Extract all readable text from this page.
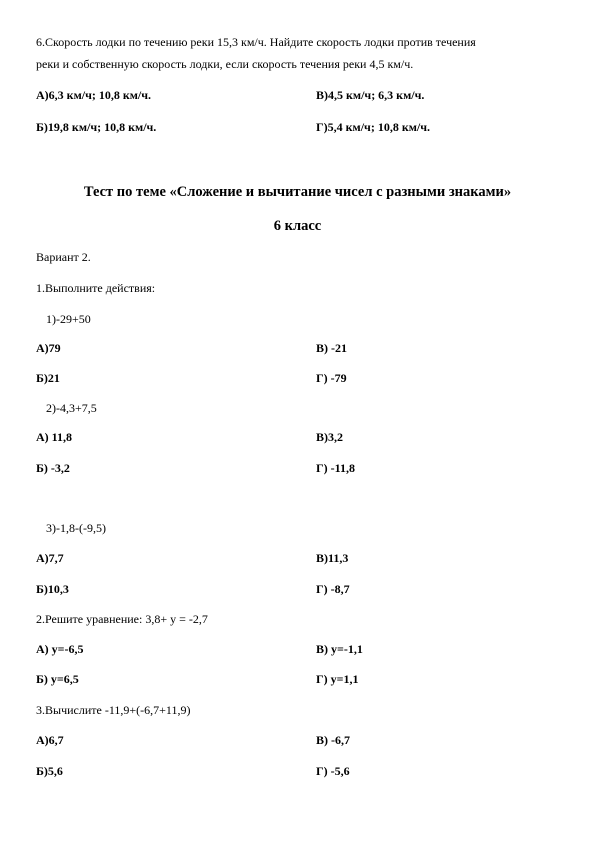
6.Скорость лодки по течению реки 15,3 км/ч. Найдите скорость лодки против течения
реки и собственную скорость лодки, если скорость течения реки 4,5 км/ч.
А)6,3 км/ч; 10,8 км/ч.	В)4,5 км/ч; 6,3 км/ч.
Б)19,8 км/ч; 10,8 км/ч.	Г)5,4 км/ч; 10,8 км/ч.
Тест по теме «Сложение и вычитание чисел с разными знаками»
6 класс
Вариант 2.
1.Выполните действия:
1)-29+50
А)79	В) -21
Б)21	Г) -79
2)-4,3+7,5
А) 11,8	В)3,2
Б) -3,2	Г) -11,8
3)-1,8-(-9,5)
А)7,7	В)11,3
Б)10,3	Г) -8,7
2.Решите уравнение: 3,8+ y = -2,7
А) y=-6,5	В) y=-1,1
Б) y=6,5	Г) y=1,1
3.Вычислите -11,9+(-6,7+11,9)
А)6,7	В) -6,7
Б)5,6	Г) -5,6
